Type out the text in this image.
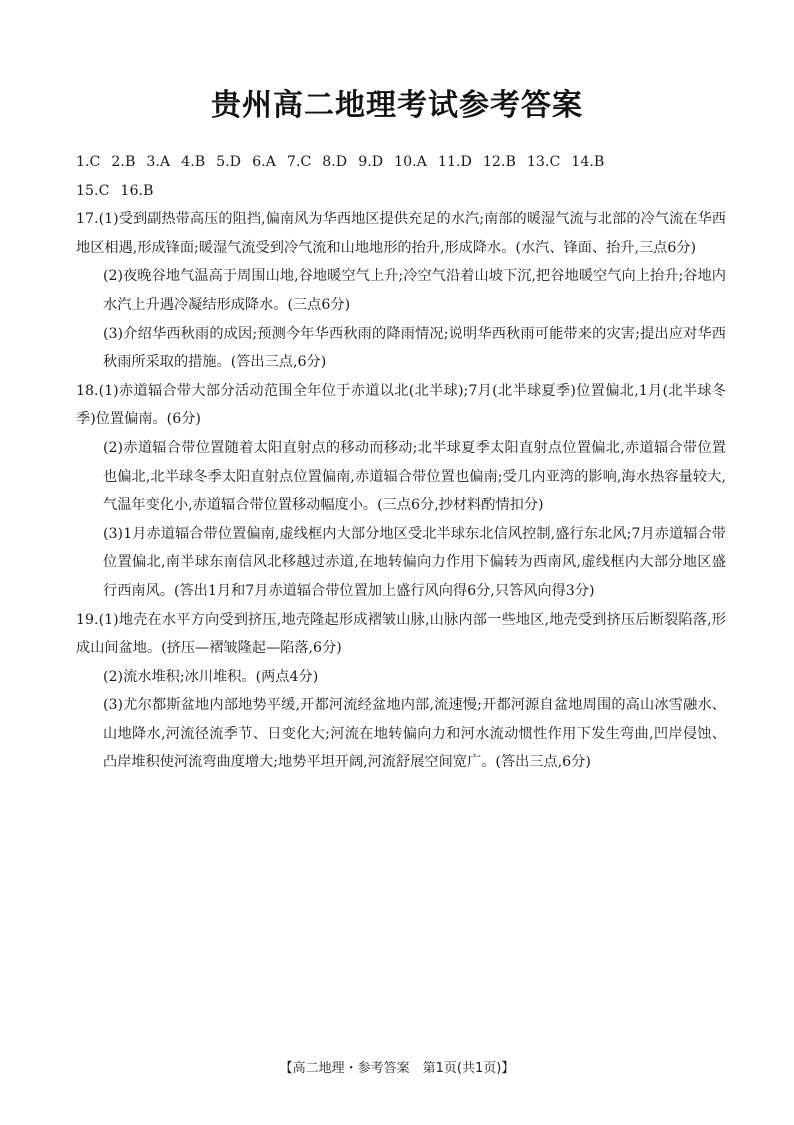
贵州高二地理考试参考答案
1.C 2.B 3.A 4.B 5.D 6.A 7.C 8.D 9.D 10.A 11.D 12.B 13.C 14.B
15.C 16.B
17.(1)受到副热带高压的阻挡,偏南风为华西地区提供充足的水汽;南部的暖湿气流与北部的冷气流在华西地区相遇,形成锋面;暖湿气流受到冷气流和山地地形的抬升,形成降水。(水汽、锋面、抬升,三点6分)
(2)夜晚谷地气温高于周围山地,谷地暖空气上升;冷空气沿着山坡下沉,把谷地暖空气向上抬升;谷地内水汽上升遇冷凝结形成降水。(三点6分)
(3)介绍华西秋雨的成因;预测今年华西秋雨的降雨情况;说明华西秋雨可能带来的灾害;提出应对华西秋雨所采取的措施。(答出三点,6分)
18.(1)赤道辐合带大部分活动范围全年位于赤道以北(北半球);7月(北半球夏季)位置偏北,1月(北半球冬季)位置偏南。(6分)
(2)赤道辐合带位置随着太阳直射点的移动而移动;北半球夏季太阳直射点位置偏北,赤道辐合带位置也偏北,北半球冬季太阳直射点位置偏南,赤道辐合带位置也偏南;受几内亚湾的影响,海水热容量较大,气温年变化小,赤道辐合带位置移动幅度小。(三点6分,抄材料酌情扣分)
(3)1月赤道辐合带位置偏南,虚线框内大部分地区受北半球东北信风控制,盛行东北风;7月赤道辐合带位置偏北,南半球东南信风北移越过赤道,在地转偏向力作用下偏转为西南风,虚线框内大部分地区盛行西南风。(答出1月和7月赤道辐合带位置加上盛行风向得6分,只答风向得3分)
19.(1)地壳在水平方向受到挤压,地壳隆起形成褶皱山脉,山脉内部一些地区,地壳受到挤压后断裂陷落,形成山间盆地。(挤压—褶皱隆起—陷落,6分)
(2)流水堆积;冰川堆积。(两点4分)
(3)尤尔都斯盆地内部地势平缓,开都河流经盆地内部,流速慢;开都河源自盆地周围的高山冰雪融水、山地降水,河流径流季节、日变化大;河流在地转偏向力和河水流动惯性作用下发生弯曲,凹岸侵蚀、凸岸堆积使河流弯曲度增大;地势平坦开阔,河流舒展空间宽广。(答出三点,6分)
【高二地理・参考答案　第1页(共1页)】
